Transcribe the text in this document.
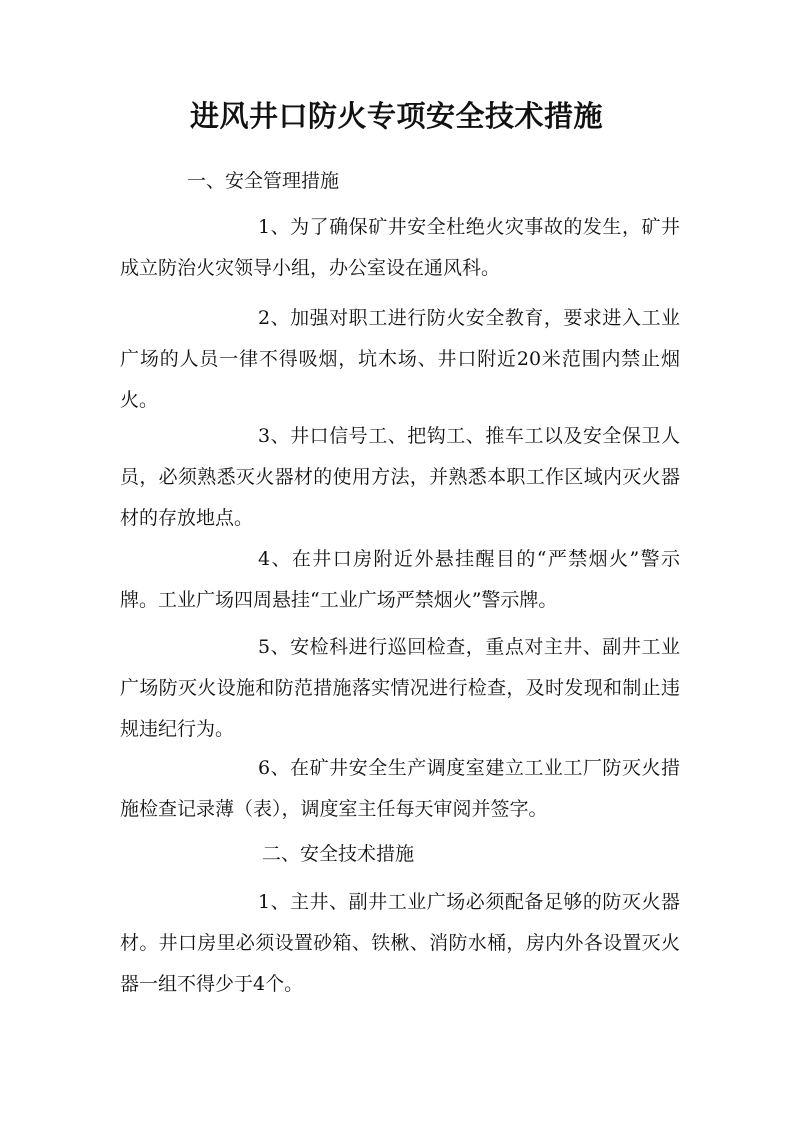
进风井口防火专项安全技术措施
一、安全管理措施
1、为了确保矿井安全杜绝火灾事故的发生，矿井成立防治火灾领导小组，办公室设在通风科。
2、加强对职工进行防火安全教育，要求进入工业广场的人员一律不得吸烟，坑木场、井口附近20米范围内禁止烟火。
3、井口信号工、把钩工、推车工以及安全保卫人员，必须熟悉灭火器材的使用方法，并熟悉本职工作区域内灭火器材的存放地点。
4、在井口房附近外悬挂醒目的“严禁烟火”警示牌。工业广场四周悬挂“工业广场严禁烟火”警示牌。
5、安检科进行巡回检查，重点对主井、副井工业广场防灭火设施和防范措施落实情况进行检查，及时发现和制止违规违纪行为。
6、在矿井安全生产调度室建立工业工厂防灭火措施检查记录薄（表），调度室主任每天审阅并签字。
二、安全技术措施
1、主井、副井工业广场必须配备足够的防灭火器材。井口房里必须设置砂箱、铁楸、消防水桶，房内外各设置灭火器一组不得少于4个。
